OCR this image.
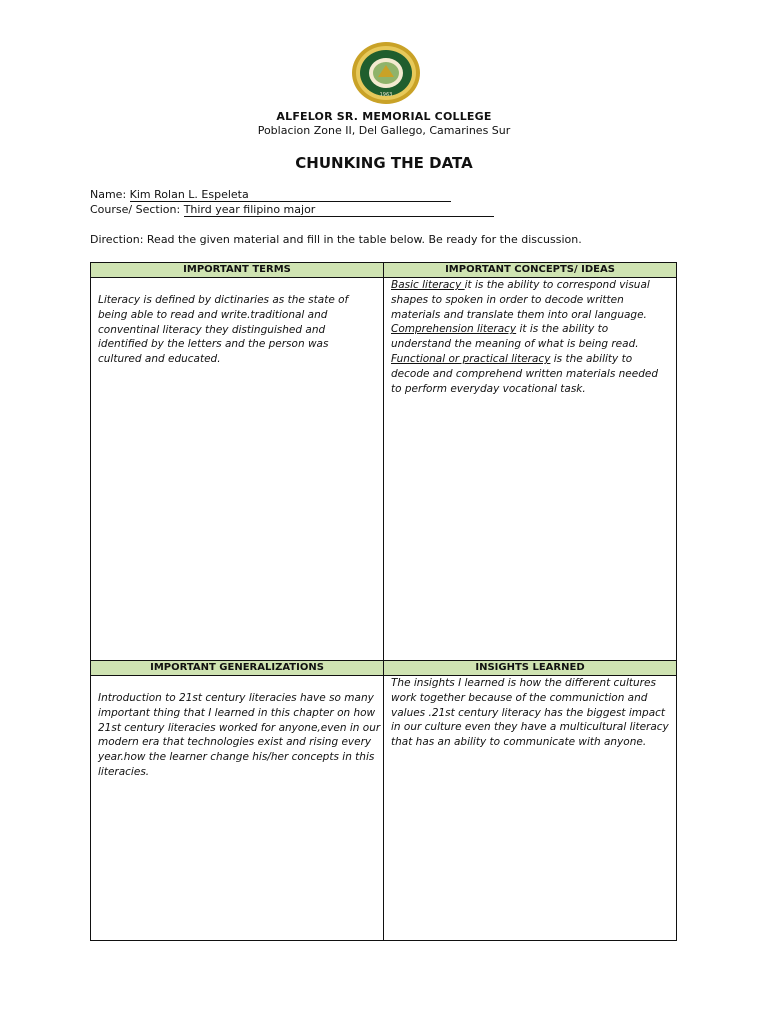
1963
ALFELOR SR. MEMORIAL COLLEGE
Poblacion Zone II, Del Gallego, Camarines Sur
CHUNKING THE DATA
Name: Kim Rolan L. Espeleta
Course/ Section: Third year filipino major
Direction: Read the given material and fill in the table below. Be ready for the discussion.
IMPORTANT TERMS	IMPORTANT CONCEPTS/ IDEAS
IMPORTANT GENERALIZATIONS	INSIGHTS LEARNED
Literacy is defined by dictinaries as the state of being able to read and write.traditional and conventinal literacy they distinguished and identified by the letters and the person was cultured and educated.
Basic literacy it is the ability to correspond visual shapes to spoken in order to decode written materials and translate them into oral language.
Comprehension literacy it is the ability to understand the meaning of what is being read.
Functional or practical literacy is the ability to decode and comprehend written materials needed to perform everyday vocational task.
Introduction to 21st century literacies have so many important thing that I learned in this chapter on how 21st century literacies worked for anyone,even in our modern era that technologies exist and rising every year.how the learner change his/her concepts in this literacies.
The insights I learned is how the different cultures work together because of the communiction and values .21st century literacy has the biggest impact in our culture even they have a multicultural literacy that has an ability to communicate with anyone.
